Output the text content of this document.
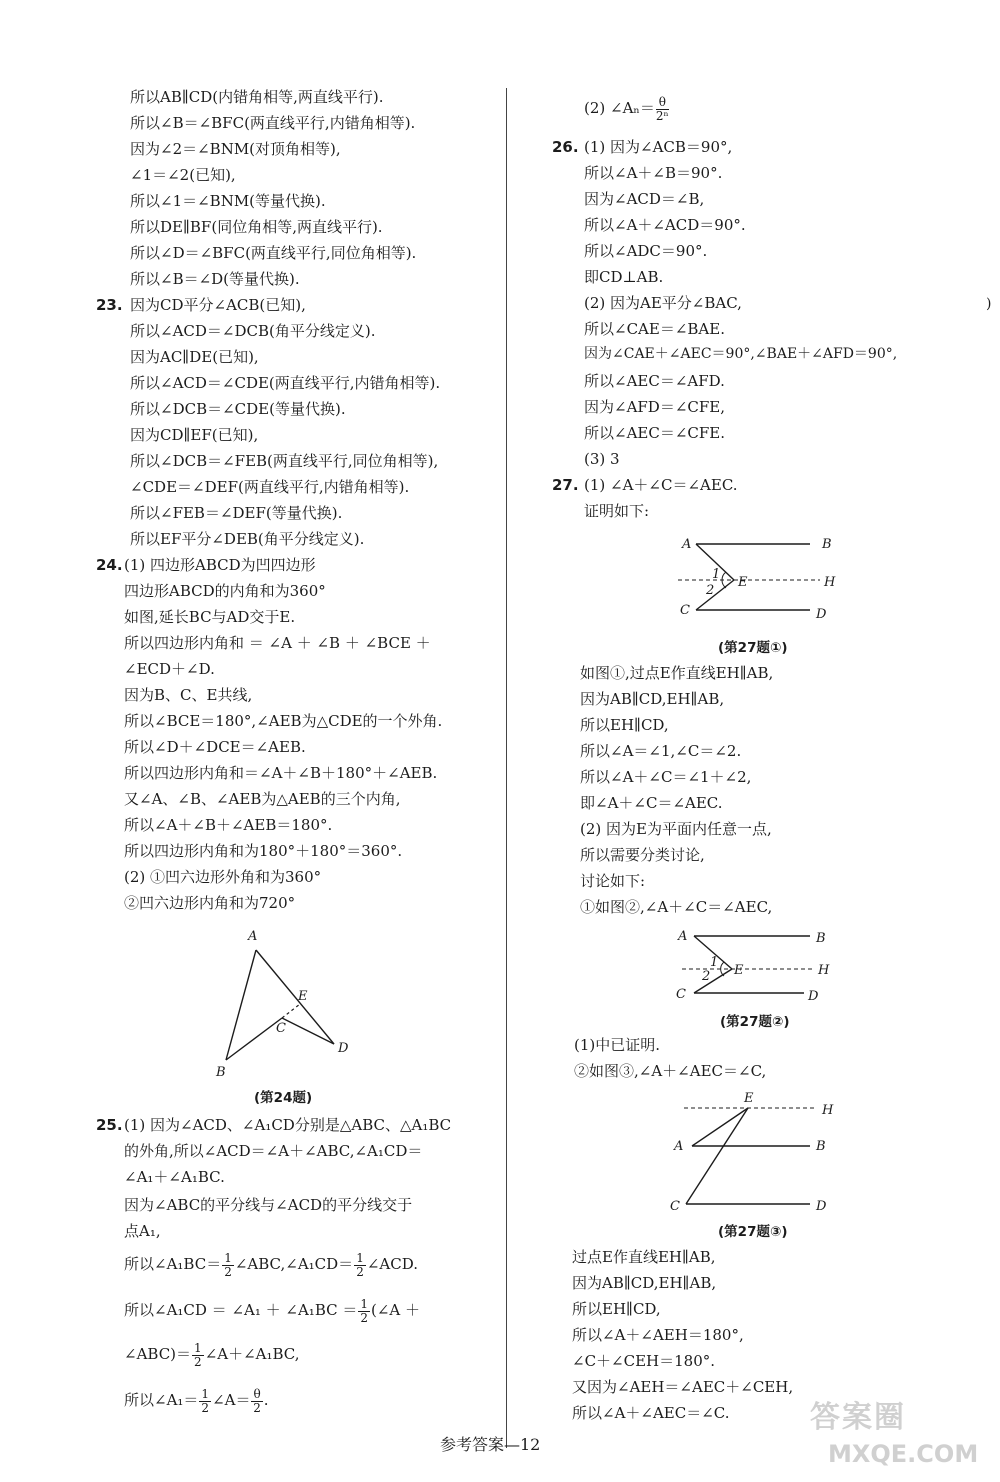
所以AB∥CD(内错角相等,两直线平行).
所以∠B＝∠BFC(两直线平行,内错角相等).
因为∠2＝∠BNM(对顶角相等),
∠1＝∠2(已知),
所以∠1＝∠BNM(等量代换).
所以DE∥BF(同位角相等,两直线平行).
所以∠D＝∠BFC(两直线平行,同位角相等).
所以∠B＝∠D(等量代换).
23. 因为CD平分∠ACB(已知),
所以∠ACD＝∠DCB(角平分线定义).
因为AC∥DE(已知),
所以∠ACD＝∠CDE(两直线平行,内错角相等).
所以∠DCB＝∠CDE(等量代换).
因为CD∥EF(已知),
所以∠DCB＝∠FEB(两直线平行,同位角相等),
∠CDE＝∠DEF(两直线平行,内错角相等).
所以∠FEB＝∠DEF(等量代换).
所以EF平分∠DEB(角平分线定义).
24. (1) 四边形ABCD为凹四边形
四边形ABCD的内角和为360°
如图,延长BC与AD交于E.
所以四边形内角和 ＝ ∠A ＋ ∠B ＋ ∠BCE ＋
∠ECD＋∠D.
因为B、C、E共线,
所以∠BCE＝180°,∠AEB为△CDE的一个外角.
所以∠D＋∠DCE＝∠AEB.
所以四边形内角和＝∠A＋∠B＋180°＋∠AEB.
又∠A、∠B、∠AEB为△AEB的三个内角,
所以∠A＋∠B＋∠AEB＝180°.
所以四边形内角和为180°＋180°＝360°.
(2) ①凹六边形外角和为360°
②凹六边形内角和为720°
A
E
C
B
D
(第24题)
25. (1) 因为∠ACD、∠A₁CD分别是△ABC、△A₁BC
的外角,所以∠ACD＝∠A＋∠ABC,∠A₁CD＝
∠A₁＋∠A₁BC.
因为∠ABC的平分线与∠ACD的平分线交于
点A₁,
所以∠A₁BC＝ $\frac{1}{2}$ ∠ABC,∠A₁CD＝ $\frac{1}{2}$ ∠ACD.
所以∠A₁CD ＝ ∠A₁ ＋ ∠A₁BC ＝ $\frac{1}{2}$ (∠A ＋
∠ABC)＝ $\frac{1}{2}$ ∠A＋∠A₁BC,
所以∠A₁＝ $\frac{1}{2}$ ∠A＝ $\frac{\theta}{2}$ .
(2) ∠Aₙ＝ $\frac{\theta}{\text{2ⁿ}}$
26. (1) 因为∠ACB＝90°,
所以∠A＋∠B＝90°.
因为∠ACD＝∠B,
所以∠A＋∠ACD＝90°.
所以∠ADC＝90°.
即CD⊥AB.
(2) 因为AE平分∠BAC,
所以∠CAE＝∠BAE.
因为∠CAE＋∠AEC＝90°,∠BAE＋∠AFD＝90°,
所以∠AEC＝∠AFD.
因为∠AFD＝∠CFE,
所以∠AEC＝∠CFE.
(3) 3
27. (1) ∠A＋∠C＝∠AEC.
证明如下:
A	B
1
2
E	H
C	D
(第27题①)
如图①,过点E作直线EH∥AB,
因为AB∥CD,EH∥AB,
所以EH∥CD,
所以∠A＝∠1,∠C＝∠2.
所以∠A＋∠C＝∠1＋∠2,
即∠A＋∠C＝∠AEC.
(2) 因为E为平面内任意一点,
所以需要分类讨论,
讨论如下:
①如图②,∠A＋∠C＝∠AEC,
A	B
1
2 E	H
C	D
(第27题②)
(1)中已证明.
②如图③,∠A＋∠AEC＝∠C,
E
H
A	B
C	D
(第27题③)
过点E作直线EH∥AB,
因为AB∥CD,EH∥AB,
所以EH∥CD,
所以∠A＋∠AEH＝180°,
∠C＋∠CEH＝180°.
又因为∠AEH＝∠AEC＋∠CEH,
所以∠A＋∠AEC＝∠C.
参考答案—12
答案圈
MXQE.COM
)
